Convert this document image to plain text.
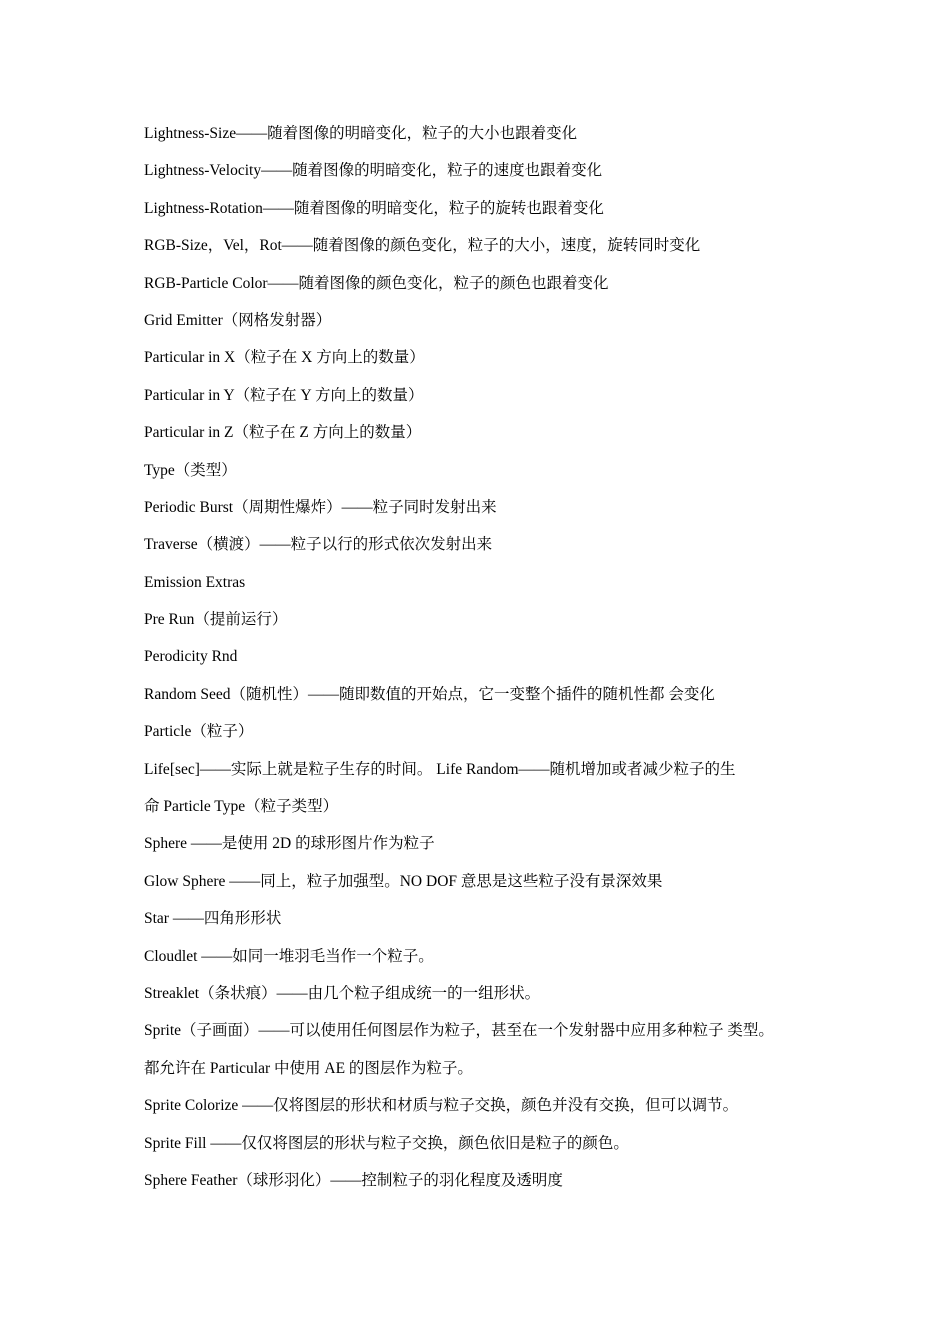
Lightness-Size——随着图像的明暗变化，粒子的大小也跟着变化
Lightness-Velocity——随着图像的明暗变化，粒子的速度也跟着变化
Lightness-Rotation——随着图像的明暗变化，粒子的旋转也跟着变化
RGB-Size，Vel，Rot——随着图像的颜色变化，粒子的大小，速度，旋转同时变化
RGB-Particle Color——随着图像的颜色变化，粒子的颜色也跟着变化
Grid Emitter（网格发射器）
Particular in X（粒子在 X 方向上的数量）
Particular in Y（粒子在 Y 方向上的数量）
Particular in Z（粒子在 Z 方向上的数量）
Type（类型）
Periodic Burst（周期性爆炸）——粒子同时发射出来
Traverse（横渡）——粒子以行的形式依次发射出来
Emission Extras
Pre Run（提前运行）
Perodicity Rnd
Random Seed（随机性）——随即数值的开始点，它一变整个插件的随机性都 会变化
Particle（粒子）
Life[sec]——实际上就是粒子生存的时间。 Life Random——随机增加或者减少粒子的生
命 Particle Type（粒子类型）
Sphere ——是使用 2D 的球形图片作为粒子
Glow Sphere ——同上，粒子加强型。NO DOF 意思是这些粒子没有景深效果
Star ——四角形形状
Cloudlet ——如同一堆羽毛当作一个粒子。
Streaklet（条状痕）——由几个粒子组成统一的一组形状。
Sprite（子画面）——可以使用任何图层作为粒子，甚至在一个发射器中应用多种粒子 类型。
都允许在 Particular 中使用 AE 的图层作为粒子。
Sprite Colorize ——仅将图层的形状和材质与粒子交换，颜色并没有交换，但可以调节。
Sprite Fill ——仅仅将图层的形状与粒子交换，颜色依旧是粒子的颜色。
Sphere Feather（球形羽化）——控制粒子的羽化程度及透明度
